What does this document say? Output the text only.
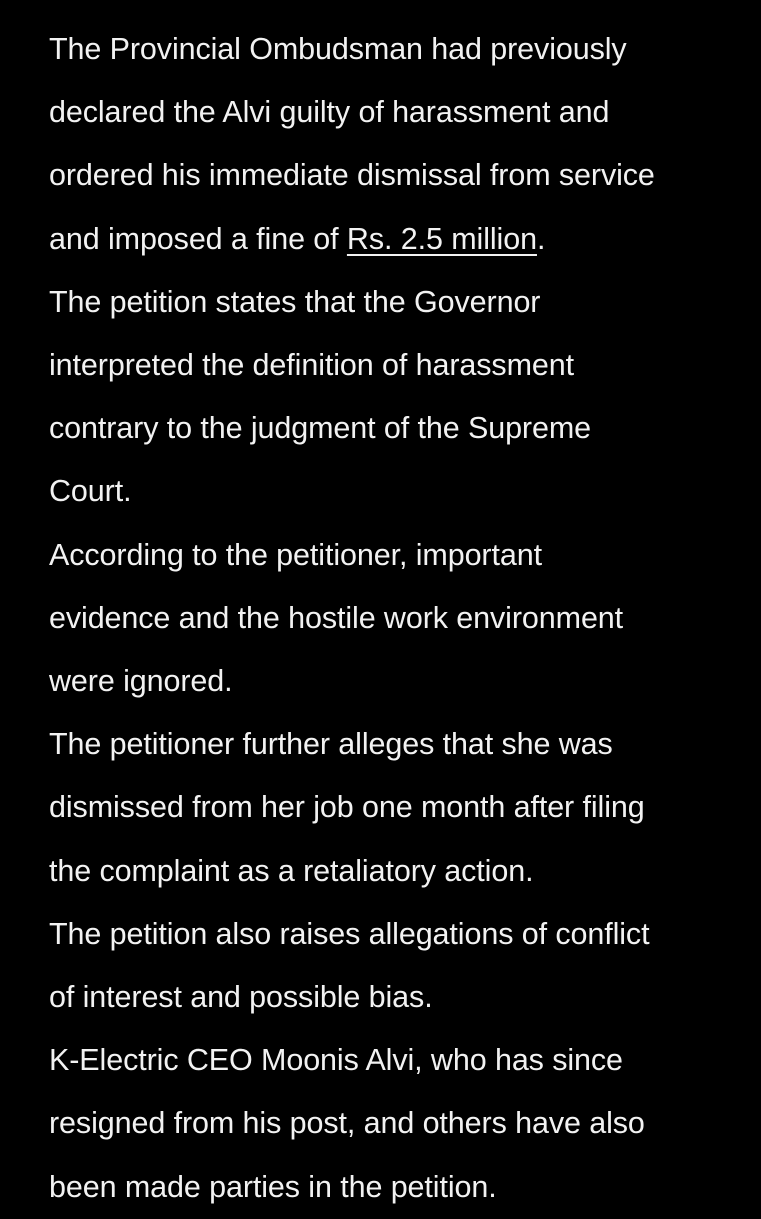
The Provincial Ombudsman had previously
declared the Alvi guilty of harassment and
ordered his immediate dismissal from service
and imposed a fine of Rs. 2.5 million.

The petition states that the Governor
interpreted the definition of harassment
contrary to the judgment of the Supreme
Court.

According to the petitioner, important
evidence and the hostile work environment
were ignored.

The petitioner further alleges that she was
dismissed from her job one month after filing
the complaint as a retaliatory action.

The petition also raises allegations of conflict
of interest and possible bias.

K-Electric CEO Moonis Alvi, who has since
resigned from his post, and others have also
been made parties in the petition.
